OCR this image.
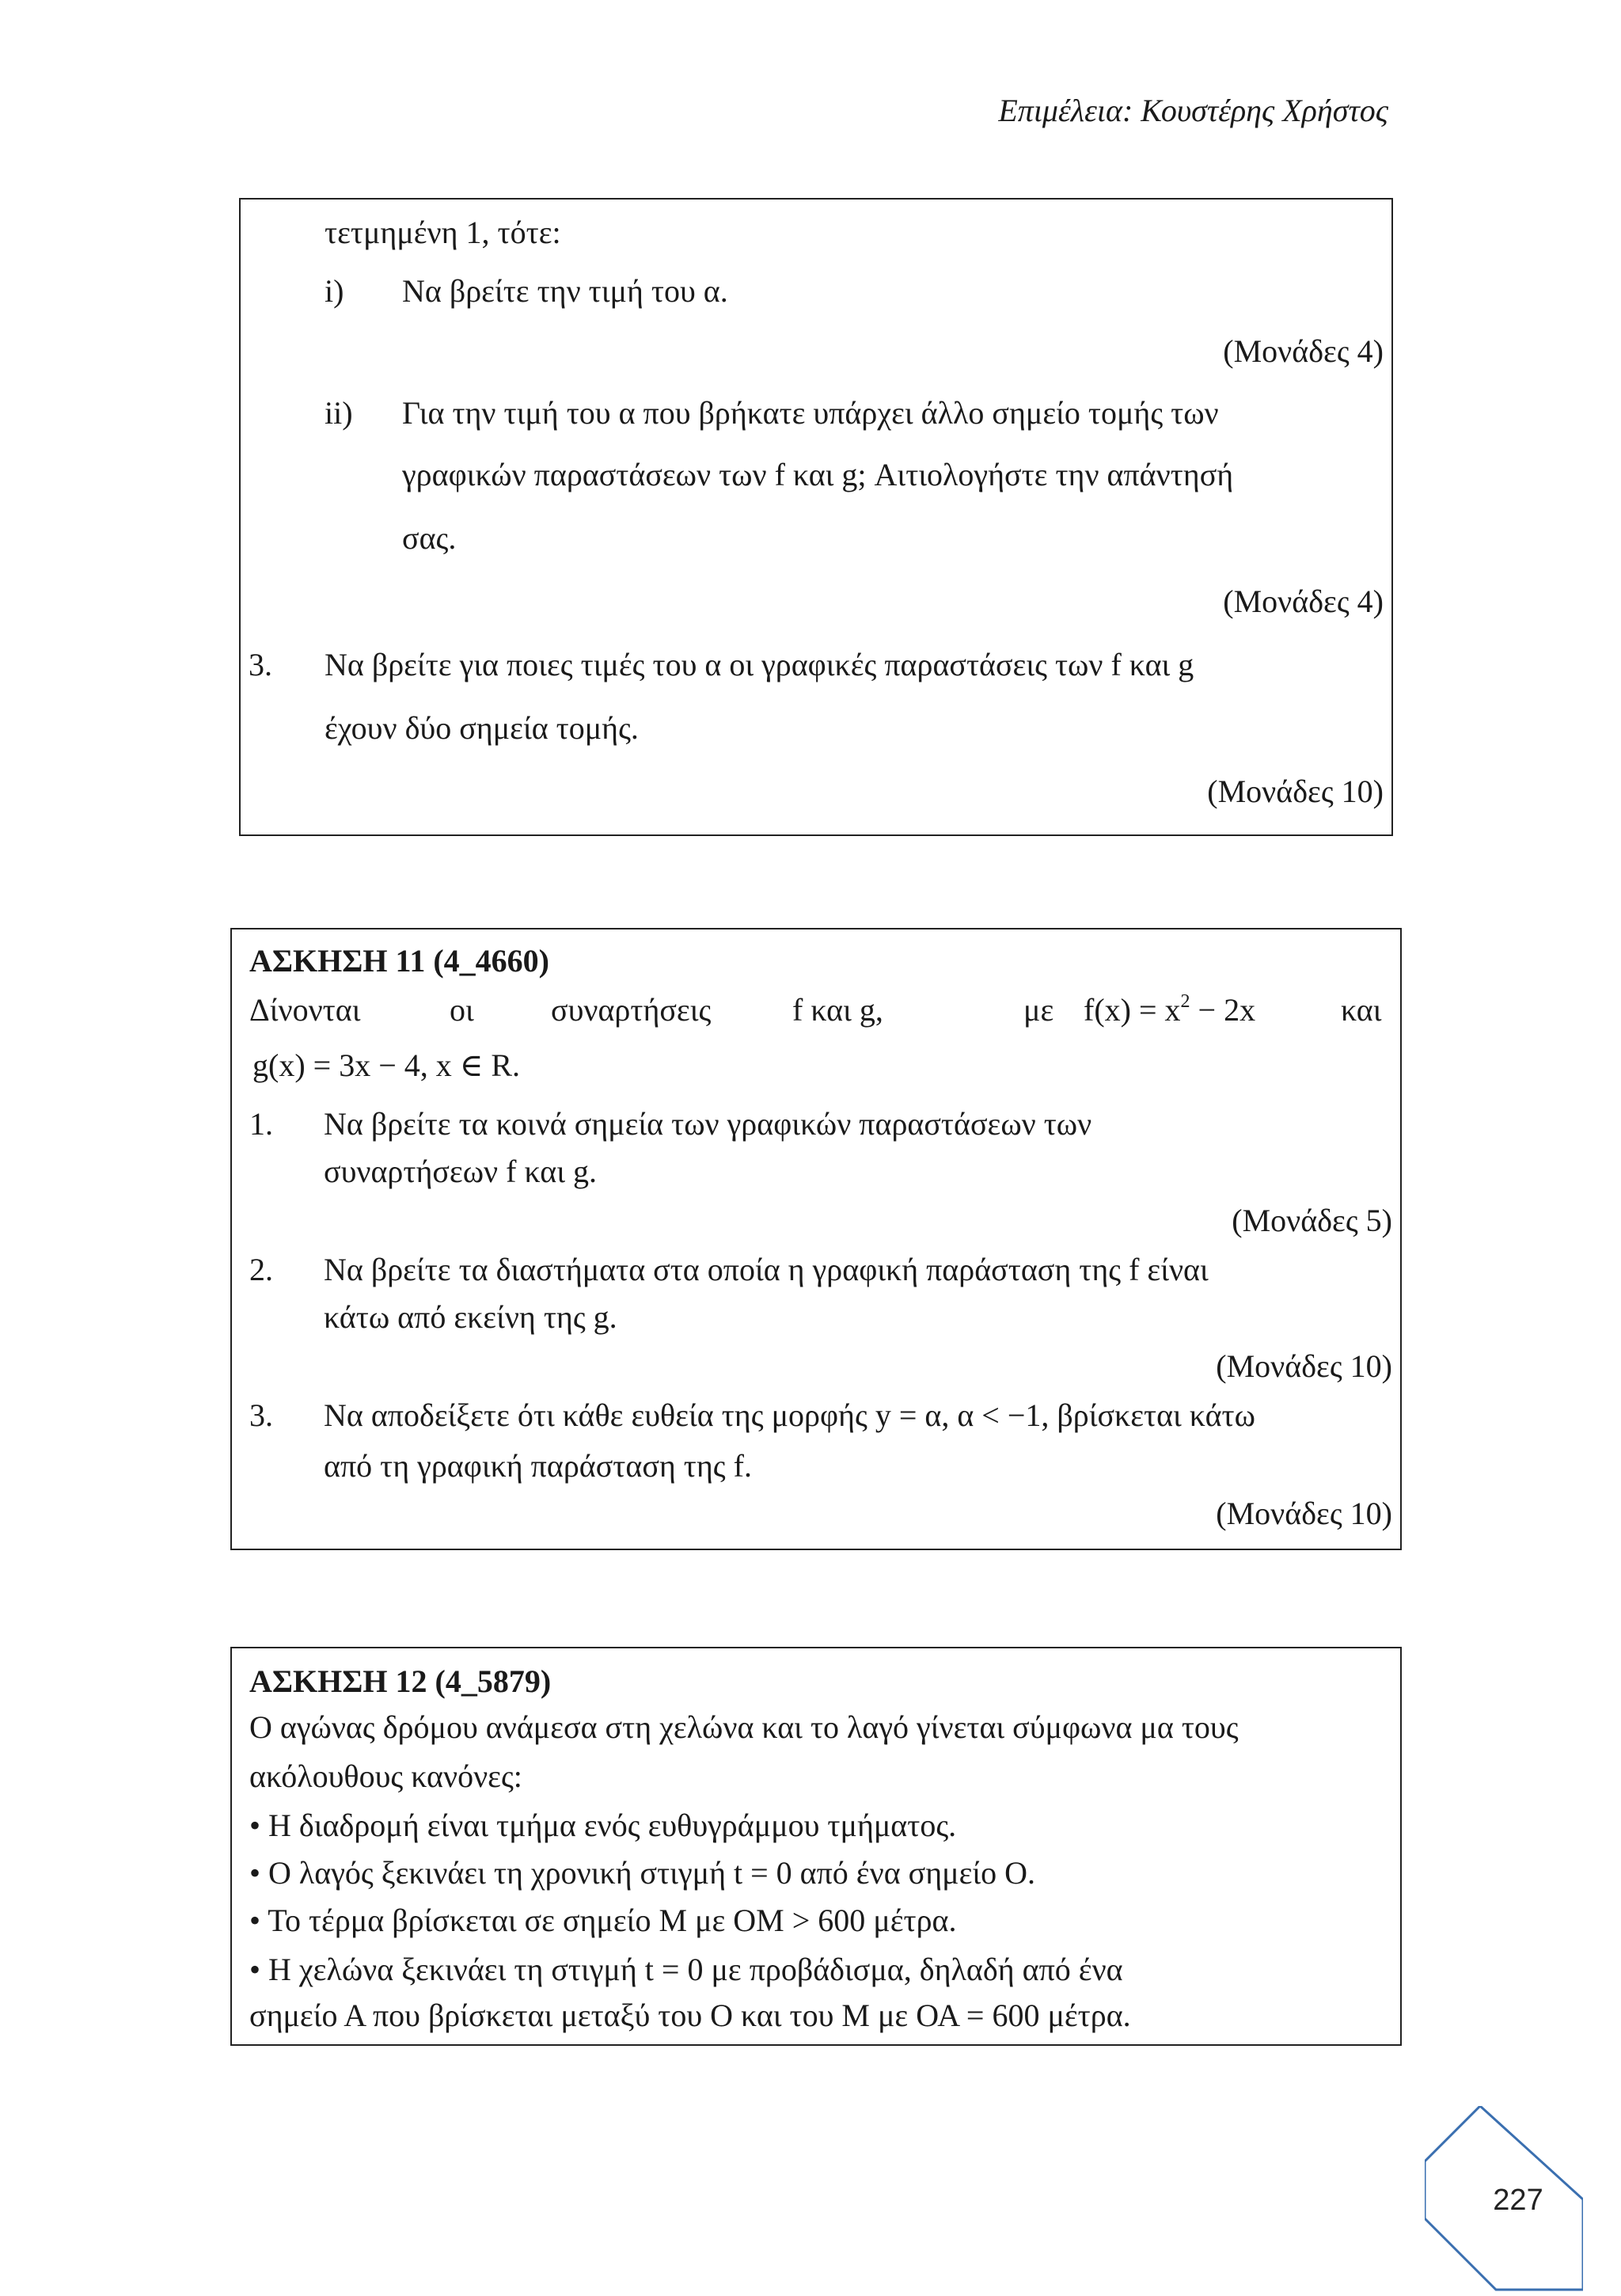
Επιμέλεια: Κουστέρης Χρήστος
τετμημένη 1, τότε:
i) Να βρείτε την τιμή του α.
(Μονάδες 4)
ii) Για την τιμή του α που βρήκατε υπάρχει άλλο σημείο τομής των
γραφικών παραστάσεων των f και g; Αιτιολογήστε την απάντησή
σας.
(Μονάδες 4)
3. Να βρείτε για ποιες τιμές του α οι γραφικές παραστάσεις των f και g
έχουν δύο σημεία τομής.
(Μονάδες 10)
ΑΣΚΗΣΗ 11 (4_4660)
Δίνονται	οι συναρτήσεις	f και g,	με $f(x) = x^2 - 2x$	και
g(x) = 3x − 4, x ∈ R.
1. Να βρείτε τα κοινά σημεία των γραφικών παραστάσεων των
συναρτήσεων f και g.
(Μονάδες 5)
2. Να βρείτε τα διαστήματα στα οποία η γραφική παράσταση της f είναι
κάτω από εκείνη της g.
(Μονάδες 10)
3. Να αποδείξετε ότι κάθε ευθεία της μορφής y = α, α < −1, βρίσκεται κάτω
από τη γραφική παράσταση της f.
(Μονάδες 10)
ΑΣΚΗΣΗ 12 (4_5879)
Ο αγώνας δρόμου ανάμεσα στη χελώνα και το λαγό γίνεται σύμφωνα μα τους
ακόλουθους κανόνες:
• Η διαδρομή είναι τμήμα ενός ευθυγράμμου τμήματος.
• Ο λαγός ξεκινάει τη χρονική στιγμή t = 0 από ένα σημείο Ο.
• Το τέρμα βρίσκεται σε σημείο Μ με ΟΜ > 600 μέτρα.
• Η χελώνα ξεκινάει τη στιγμή t = 0 με προβάδισμα, δηλαδή από ένα
σημείο Α που βρίσκεται μεταξύ του Ο και του Μ με ΟΑ = 600 μέτρα.
227
